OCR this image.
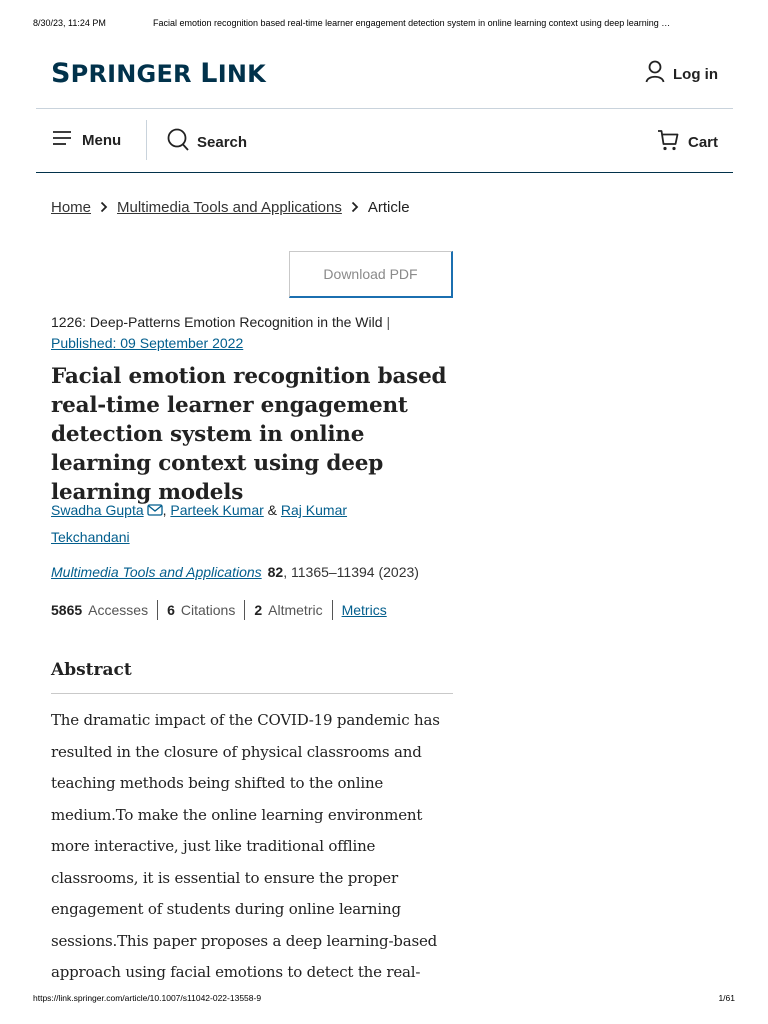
8/30/23, 11:24 PM	Facial emotion recognition based real-time learner engagement detection system in online learning context using deep learning …
SPRINGER LINK	Log in
Menu	Search	Cart
Home Multimedia Tools and Applications Article
Download PDF
1226: Deep-Patterns Emotion Recognition in the Wild |
Published: 09 September 2022
Facial emotion recognition based real-time learner engagement detection system in online learning context using deep learning models
Swadha Gupta , Parteek Kumar & Raj Kumar Tekchandani
Multimedia Tools and Applications 82, 11365–11394 (2023)
5865 Accesses 6 Citations 2 Altmetric Metrics
Abstract

The dramatic impact of the COVID-19 pandemic has
resulted in the closure of physical classrooms and
teaching methods being shifted to the online
medium.To make the online learning environment
more interactive, just like traditional offline
classrooms, it is essential to ensure the proper
engagement of students during online learning
sessions.This paper proposes a deep learning-based
approach using facial emotions to detect the real-

https://link.springer.com/article/10.1007/s11042-022-13558-9	1/61
